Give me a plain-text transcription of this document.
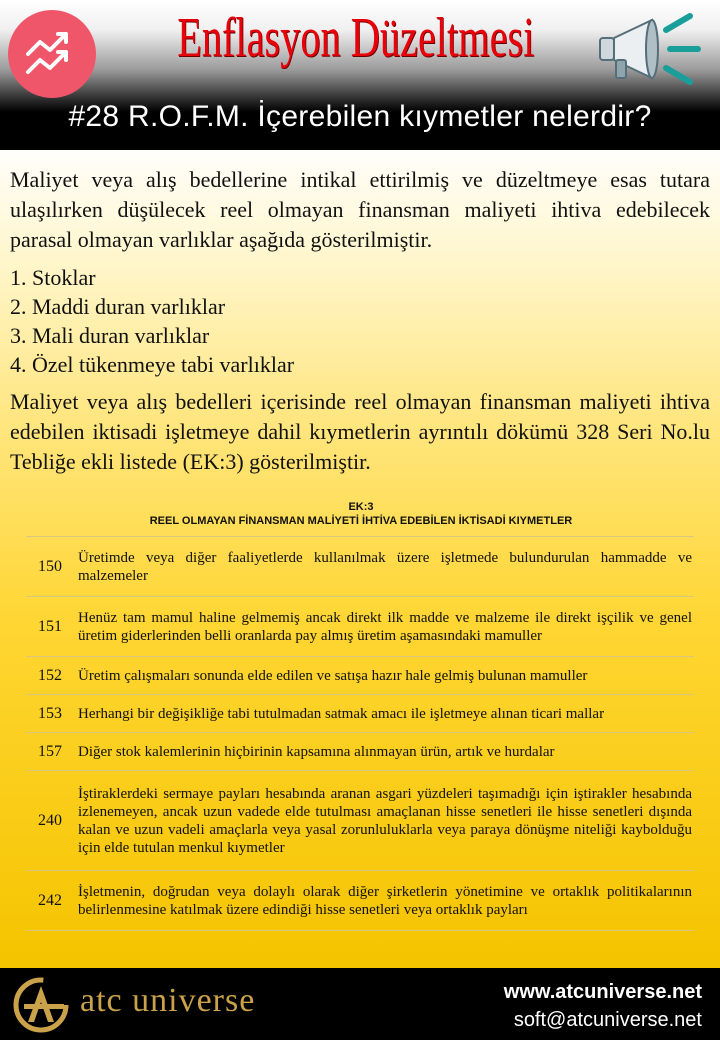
Enflasyon Düzeltmesi
#28 R.O.F.M. İçerebilen kıymetler nelerdir?

Maliyet veya alış bedellerine intikal ettirilmiş ve düzeltmeye esas tutara ulaşılırken düşülecek reel olmayan finansman maliyeti ihtiva edebilecek parasal olmayan varlıklar aşağıda gösterilmiştir.

1. Stoklar
2. Maddi duran varlıklar
3. Mali duran varlıklar
4. Özel tükenmeye tabi varlıklar

Maliyet veya alış bedelleri içerisinde reel olmayan finansman maliyeti ihtiva edebilen iktisadi işletmeye dahil kıymetlerin ayrıntılı dökümü 328 Seri No.lu Tebliğe ekli listede (EK:3) gösterilmiştir.

EK:3
REEL OLMAYAN FİNANSMAN MALİYETİ İHTİVA EDEBİLEN İKTİSADİ KIYMETLER
150	Üretimde veya diğer faaliyetlerde kullanılmak üzere işletmede bulundurulan hammadde ve malzemeler
151	Henüz tam mamul haline gelmemiş ancak direkt ilk madde ve malzeme ile direkt işçilik ve genel üretim giderlerinden belli oranlarda pay almış üretim aşamasındaki mamuller
152	Üretim çalışmaları sonunda elde edilen ve satışa hazır hale gelmiş bulunan mamuller
153	Herhangi bir değişikliğe tabi tutulmadan satmak amacı ile işletmeye alınan ticari mallar
157	Diğer stok kalemlerinin hiçbirinin kapsamına alınmayan ürün, artık ve hurdalar
240	İştiraklerdeki sermaye payları hesabında aranan asgari yüzdeleri taşımadığı için iştirakler hesabında izlenemeyen, ancak uzun vadede elde tutulması amaçlanan hisse senetleri ile hisse senetleri dışında kalan ve uzun vadeli amaçlarla veya yasal zorunluluklarla veya paraya dönüşme niteliği kaybolduğu için elde tutulan menkul kıymetler
242	İşletmenin, doğrudan veya dolaylı olarak diğer şirketlerin yönetimine ve ortaklık politikalarının belirlenmesine katılmak üzere edindiği hisse senetleri veya ortaklık payları
atc universe	www.atcuniverse.net
soft@atcuniverse.net
